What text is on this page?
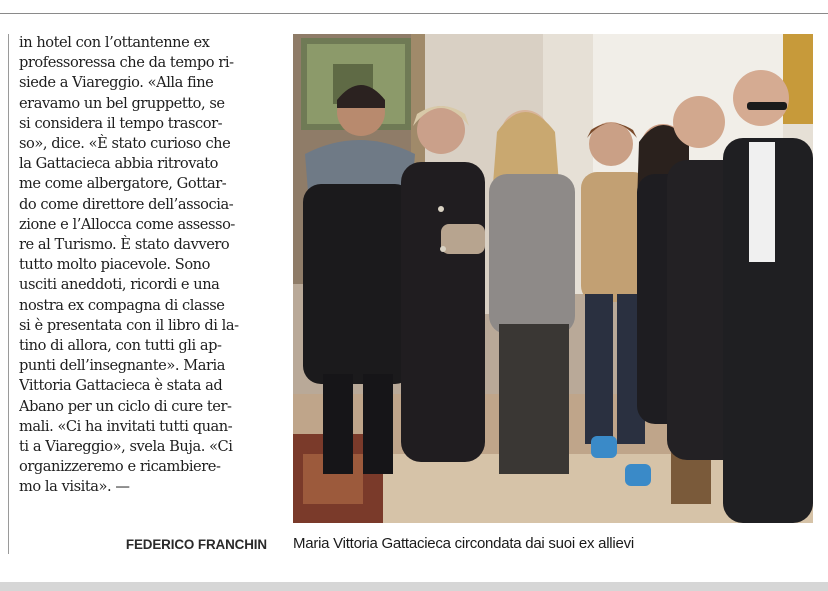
in hotel con l’ottantenne ex
professoressa che da tempo ri-
siede a Viareggio. «Alla fine
eravamo un bel gruppetto, se
si considera il tempo trascor-
so», dice. «È stato curioso che
la Gattacieca abbia ritrovato
me come albergatore, Gottar-
do come direttore dell’associa-
zione e l’Allocca come assesso-
re al Turismo. È stato davvero
tutto molto piacevole. Sono
usciti aneddoti, ricordi e una
nostra ex compagna di classe
si è presentata con il libro di la-
tino di allora, con tutti gli ap-
punti dell’insegnante». Maria
Vittoria Gattacieca è stata ad
Abano per un ciclo di cure ter-
mali. «Ci ha invitati tutti quan-
ti a Viareggio», svela Buja. «Ci
organizzeremo e ricambiere-
mo la visita». —
FEDERICO FRANCHIN Maria Vittoria Gattacieca circondata dai suoi ex allievi
